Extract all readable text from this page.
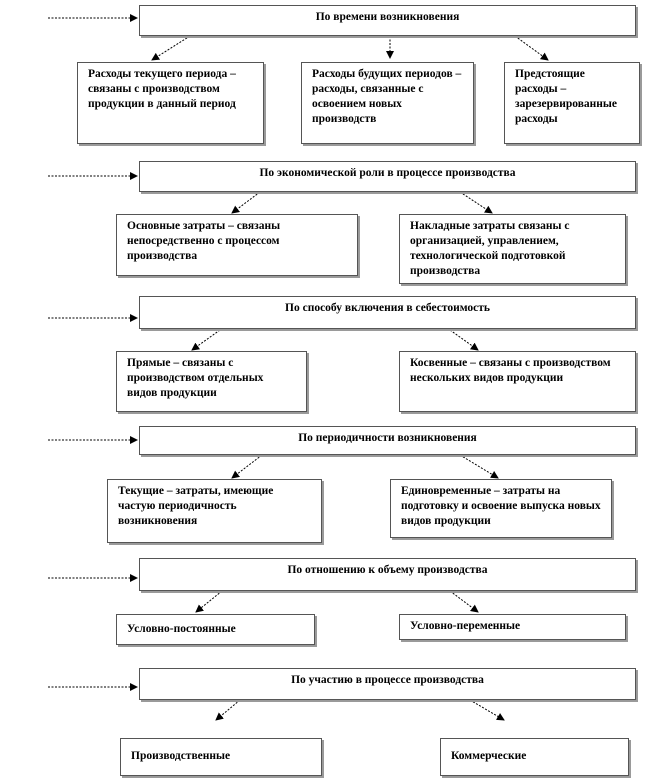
По времени возникновения
Расходы текущего периода – связаны с производством продукции в данный период
Расходы будущих периодов – расходы, связанные с освоением новых производств
Предстоящие расходы – зарезервированные расходы
По экономической роли в процессе производства
Основные затраты – связаны непосредственно с процессом производства
Накладные затраты связаны с организацией, управлением, технологической подготовкой производства
По способу включения в себестоимость
Прямые – связаны с производством отдельных видов продукции
Косвенные – связаны с производством нескольких видов продукции
По периодичности возникновения
Текущие – затраты, имеющие частую периодичность возникновения
Единовременные – затраты на подготовку и освоение выпуска новых видов продукции
По отношению к объему производства
Условно-постоянные	Условно-переменные
По участию в процессе производства
Производственные	Коммерческие
